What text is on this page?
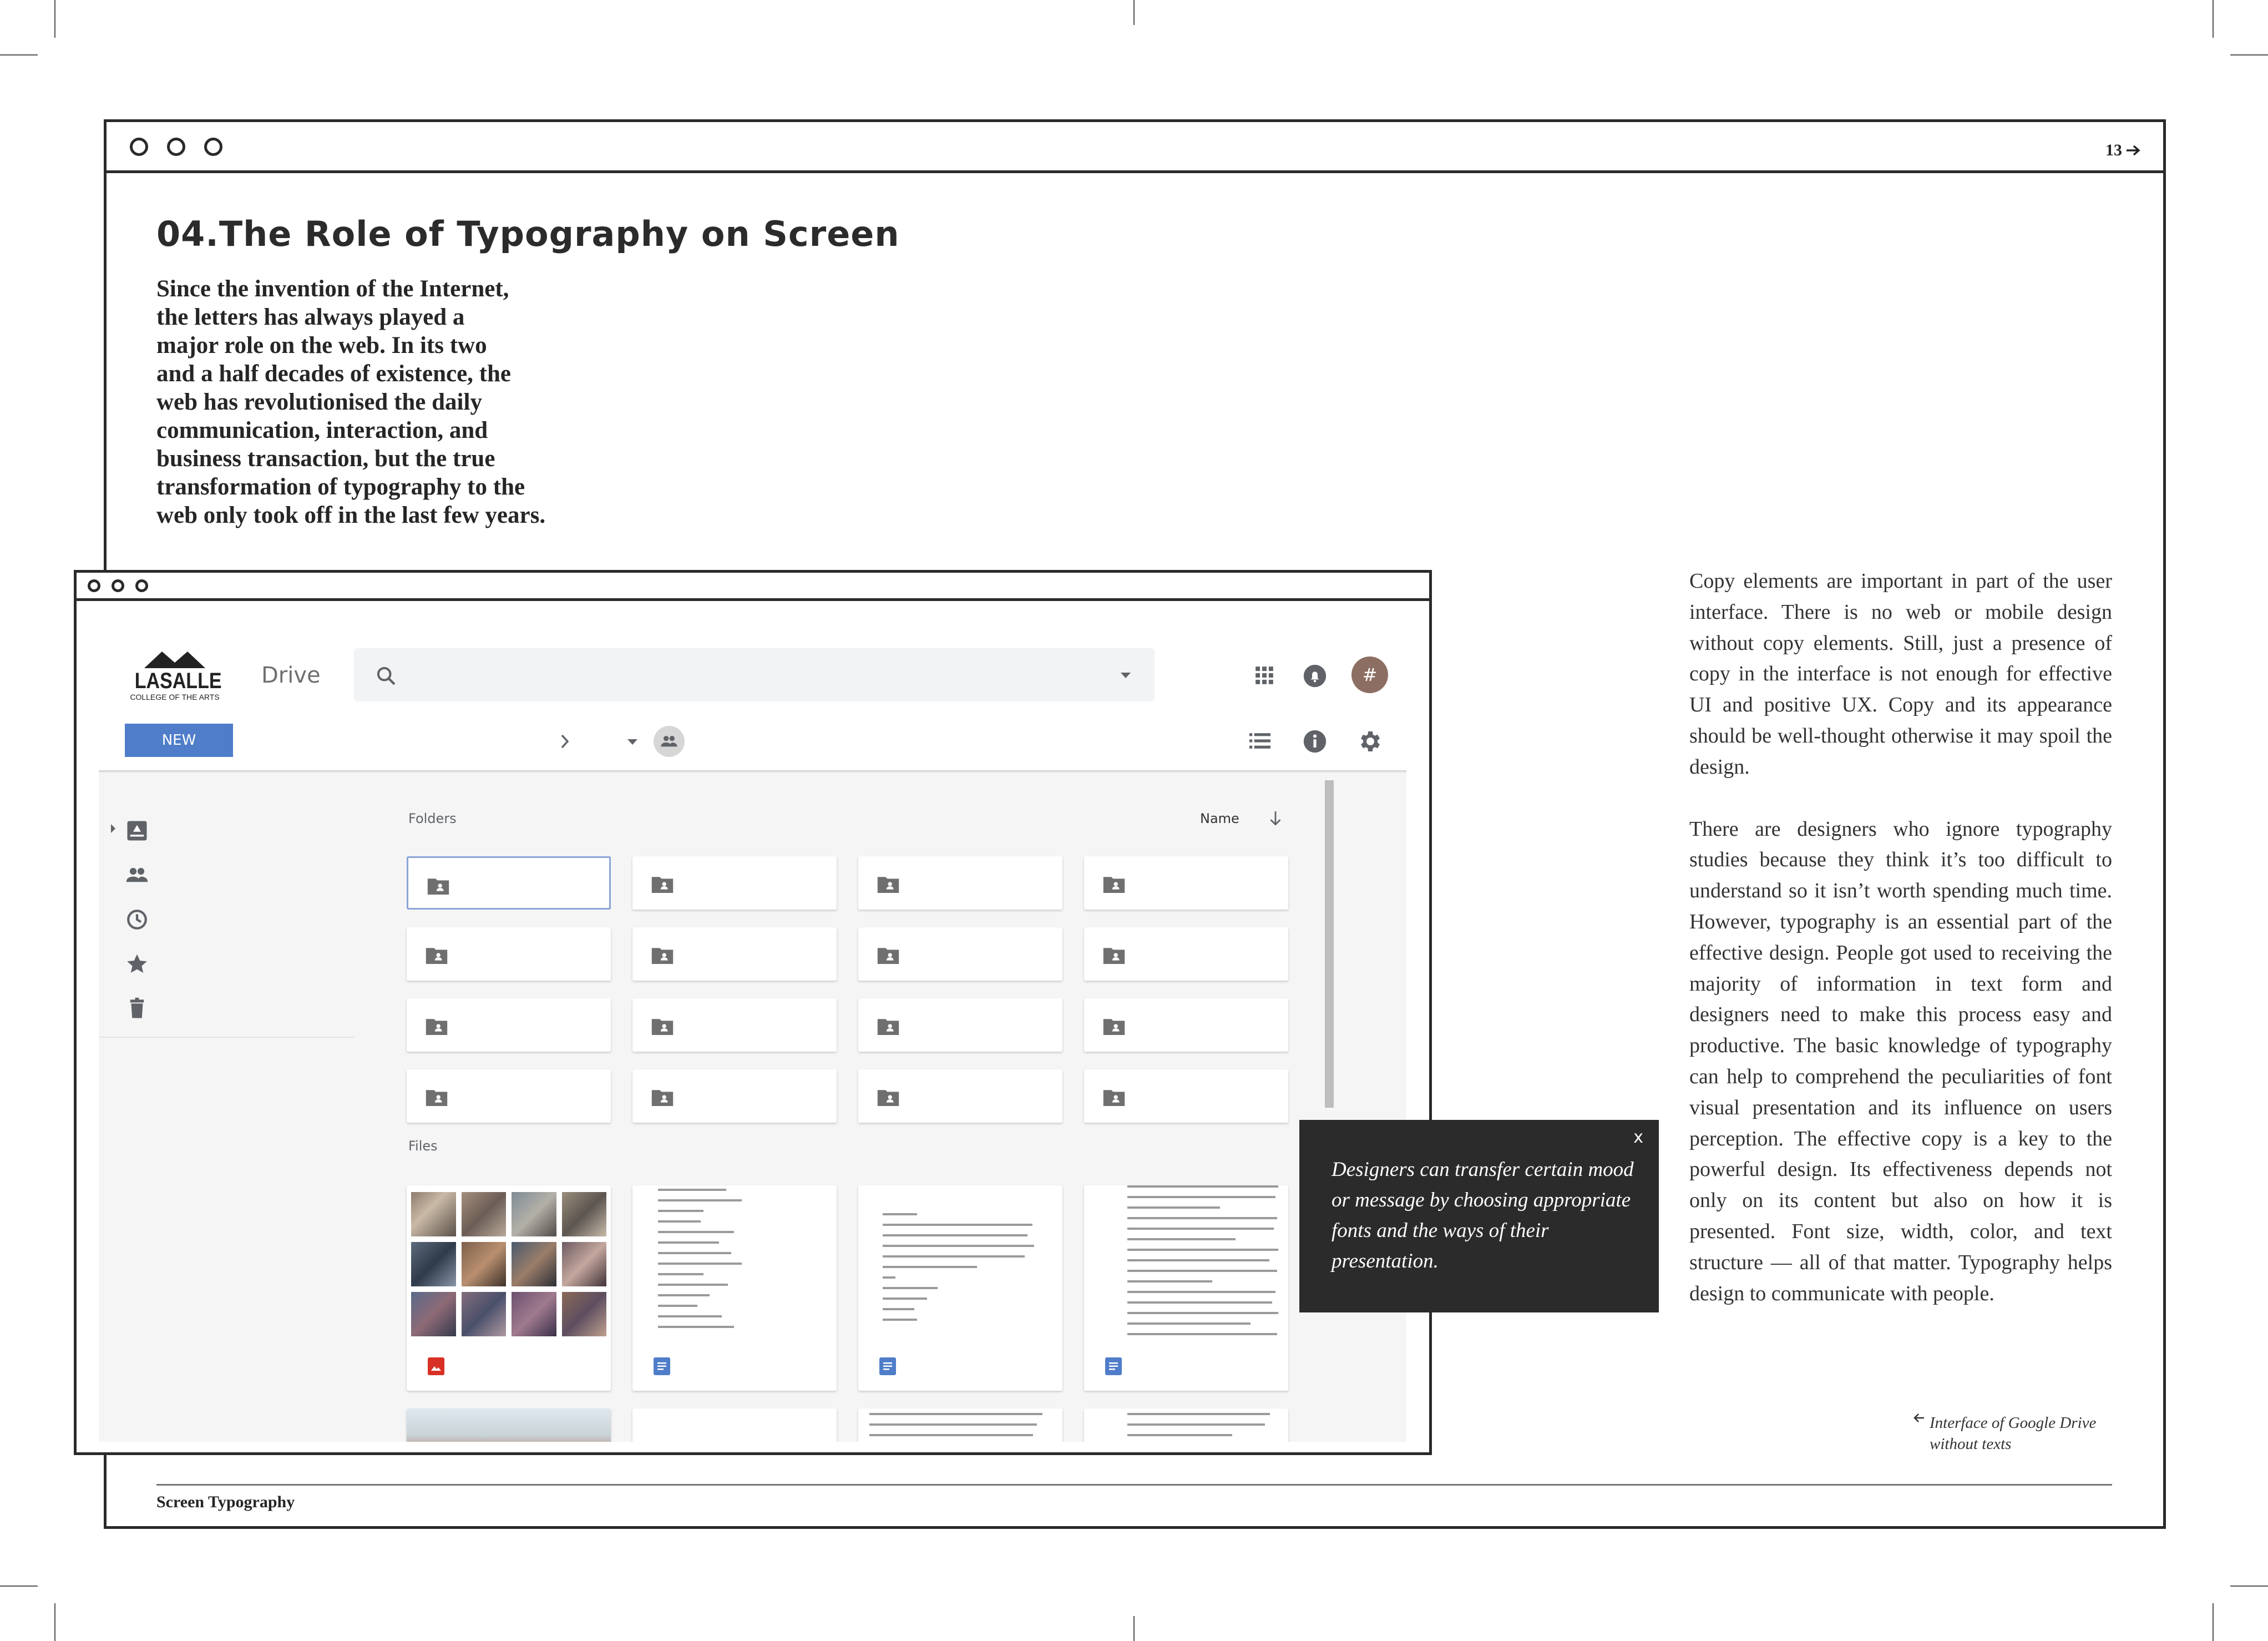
13
04.The Role of Typography on Screen
Since the invention of the Internet,
the letters has always played a
major role on the web. In its two
and a half decades of existence, the
web has revolutionised the daily
communication, interaction, and
business transaction, but the true
transformation of typography to the
web only took off in the last few years.

Copy elements are important in part of the user interface. There is no web or mobile design without copy elements. Still, just a presence of copy in the interface is not enough for effective UI and positive UX. Copy and its appearance should be well-thought otherwise it may spoil the design.

There are designers who ignore typography studies because they think it’s too difficult to understand so it isn’t worth spending much time. However, typography is an essential part of the effective design. People got used to receiving the majority of information in text form and designers need to make this process easy and productive. The basic knowledge of typography can help to comprehend the peculiarities of font visual presentation and its influence on users perception. The effective copy is a key to the powerful design. Its effectiveness depends not only on its content but also on how it is presented. Font size, width, color, and text structure — all of that matter. Typography helps design to communicate with people.

Interface of Google Drive
without texts
Screen Typography
LASALLE
COLLEGE OF THE ARTS
Drive	#
NEW
Folders	Name
Files	x
Designers can transfer certain mood or message by choosing appropriate fonts and the ways of their presentation.
